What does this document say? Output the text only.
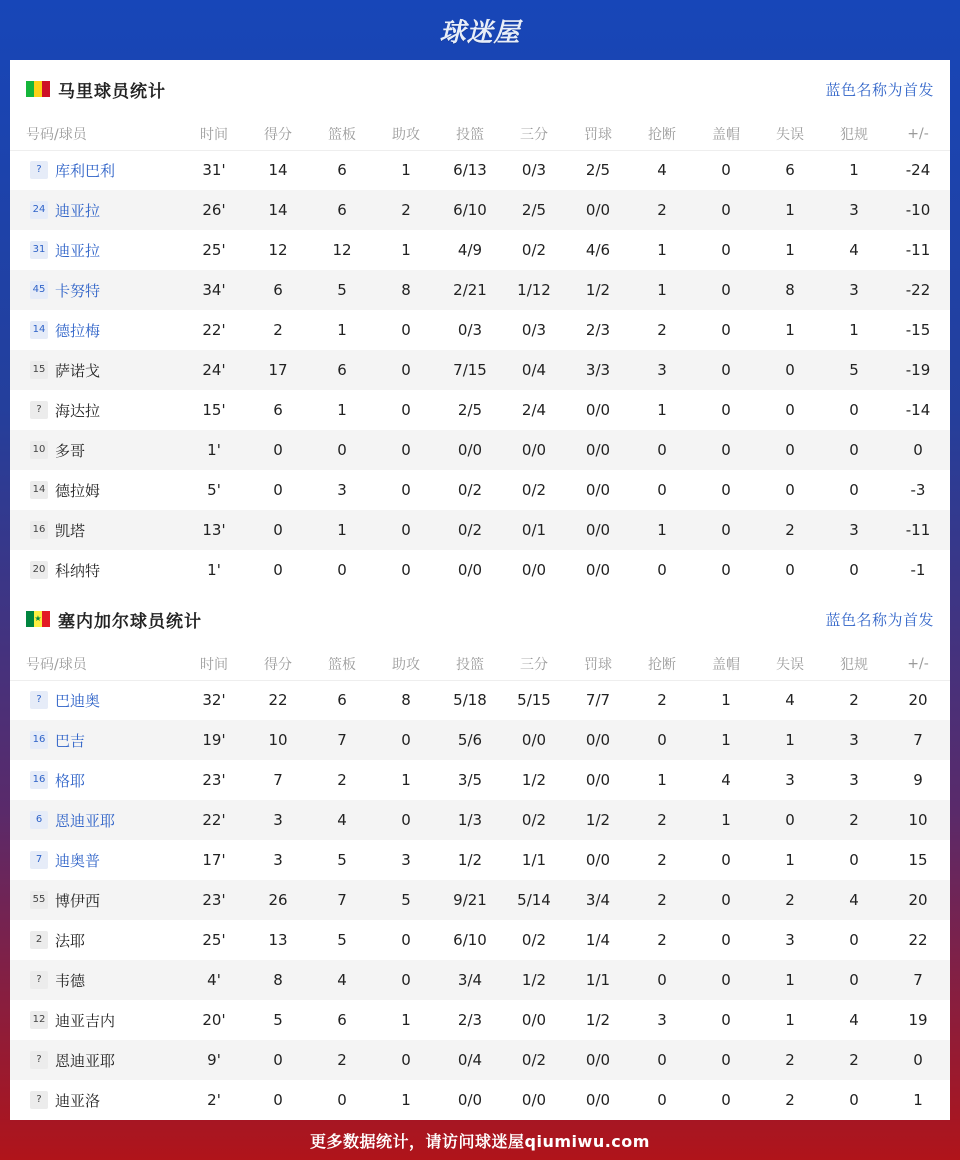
球迷屋
马里球员统计	蓝色名称为首发
号码/球员	时间	得分	篮板	助攻	投篮	三分	罚球	抢断	盖帽	失误	犯规	+/-
? 库利巴利	31'	14	6	1	6/13	0/3	2/5	4	0	6	1	-24
24 迪亚拉	26'	14	6	2	6/10	2/5	0/0	2	0	1	3	-10
31 迪亚拉	25'	12	12	1	4/9	0/2	4/6	1	0	1	4	-11
45 卡努特	34'	6	5	8	2/21	1/12	1/2	1	0	8	3	-22
14 德拉梅	22'	2	1	0	0/3	0/3	2/3	2	0	1	1	-15
15 萨诺戈	24'	17	6	0	7/15	0/4	3/3	3	0	0	5	-19
? 海达拉	15'	6	1	0	2/5	2/4	0/0	1	0	0	0	-14
10 多哥	1'	0	0	0	0/0	0/0	0/0	0	0	0	0	0
14 德拉姆	5'	0	3	0	0/2	0/2	0/0	0	0	0	0	-3
16 凯塔	13'	0	1	0	0/2	0/1	0/0	1	0	2	3	-11
20 科纳特	1'	0	0	0	0/0	0/0	0/0	0	0	0	0	-1
★ 塞内加尔球员统计	蓝色名称为首发
号码/球员	时间	得分	篮板	助攻	投篮	三分	罚球	抢断	盖帽	失误	犯规	+/-
? 巴迪奥	32'	22	6	8	5/18	5/15	7/7	2	1	4	2	20
16 巴吉	19'	10	7	0	5/6	0/0	0/0	0	1	1	3	7
16 格耶	23'	7	2	1	3/5	1/2	0/0	1	4	3	3	9
6 恩迪亚耶	22'	3	4	0	1/3	0/2	1/2	2	1	0	2	10
7 迪奥普	17'	3	5	3	1/2	1/1	0/0	2	0	1	0	15
55 博伊西	23'	26	7	5	9/21	5/14	3/4	2	0	2	4	20
2 法耶	25'	13	5	0	6/10	0/2	1/4	2	0	3	0	22
? 韦德	4'	8	4	0	3/4	1/2	1/1	0	0	1	0	7
12 迪亚吉内	20'	5	6	1	2/3	0/0	1/2	3	0	1	4	19
? 恩迪亚耶	9'	0	2	0	0/4	0/2	0/0	0	0	2	2	0
? 迪亚洛	2'	0	0	1	0/0	0/0	0/0	0	0	2	0	1
更多数据统计，请访问球迷屋qiumiwu.com
